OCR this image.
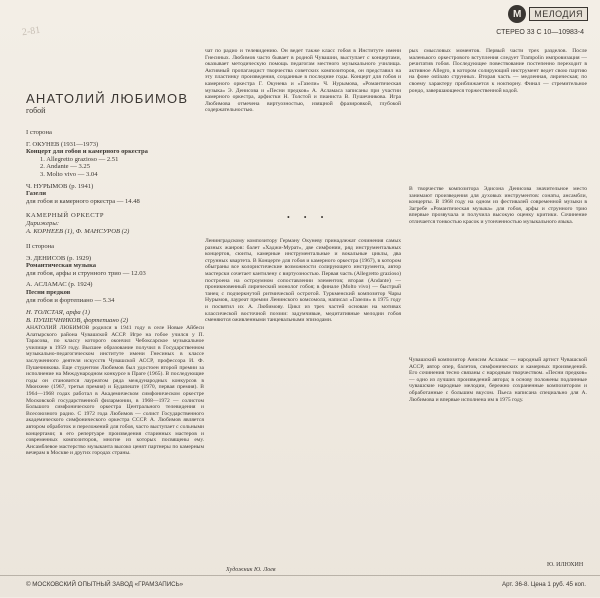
2-81
М	МЕЛОДИЯ
СТЕРЕО 33 С 10—10983-4
АНАТОЛИЙ ЛЮБИМОВ
гобой
I сторона
Г. ОКУНЕВ (1931—1973)
Концерт для гобоя и камерного оркестра
1. Allegretto grazioso — 2.51
2. Andante — 3.25
3. Molto vivo — 3.04
Ч. НУРЫМОВ (р. 1941)
Газели
для гобоя и камерного оркестра — 14.48
КАМЕРНЫЙ ОРКЕСТР
Дирижеры:
А. КОРНЕЕВ (1), Ф. МАНСУРОВ (2)
II сторона
Э. ДЕНИСОВ (р. 1929)
Романтическая музыка
для гобоя, арфы и струнного трио — 12.03
А. АСЛАМАС (р. 1924)
Песни предков
для гобоя и фортепиано — 5.34
Н. ТОЛСТАЯ, арфа (1)
В. ПУШЕЧНИКОВ, фортепиано (2)
АНАТОЛИЙ ЛЮБИМОВ родился в 1941 году в селе Новые Айбеси Алатырского района Чувашской АССР. Игре на гобое учился у П. Тарасова, по классу которого окончил Чебоксарское музыкальное училище в 1959 году. Высшее образование получил в Государственном музыкально-педагогическом институте имени Гнесиных в классе заслуженного деятеля искусств Чувашской АССР, профессора И. Ф. Пушечникова. Еще студентом Любимов был удостоен второй премии за исполнение на Международном конкурсе в Праге (1965). В последующие годы он становится лауреатом ряда международных конкурсов в Мюнхене (1967, третья премия) и Будапеште (1970, первая премия). В 1964—1968 годах работал в Академическом симфоническом оркестре Московской государственной филармонии, в 1968—1972 — солистом Большого симфонического оркестра Центрального телевидения и Всесоюзного радио. С 1972 года Любимов — солист Государственного академического симфонического оркестра СССР. А. Любимов является автором обработок и переложений для гобоя, часто выступает с сольными концертами; в его репертуаре произведения старинных мастеров и современных композиторов, многие из которых посвящены ему. Ансамблевое мастерство музыканта высоко ценят партнеры по камерным вечерам в Москве и других городах страны.
чат по радио и телевидению. Он ведет также класс гобоя в Институте имени Гнесиных. Любимов часто бывает в родной Чувашии, выступает с концертами, оказывает методическую помощь педагогам местного музыкального училища. Активный пропагандист творчества советских композиторов, он представил на эту пластинку произведения, созданные в последние годы. Концерт для гобоя и камерного оркестра Г. Окунева и «Газели» Ч. Нурымова, «Романтическая музыка» Э. Денисова и «Песни предков» А. Асламаса записаны при участии камерного оркестра, арфистки Н. Толстой и пианиста В. Пушечникова. Игра Любимова отмечена виртуозностью, изящной фразировкой, глубокой содержательностью.
• • •
Ленинградскому композитору Герману Окуневу принадлежат сочинения самых разных жанров: балет «Хаджи-Мурат», две симфонии, ряд инструментальных концертов, сюиты, камерные инструментальные и вокальные циклы, два струнных квартета. В Концерте для гобоя и камерного оркестра (1967), в котором обыграны все колористические возможности солирующего инструмента, автор мастерски сочетает кантилену с виртуозностью. Первая часть (Allegretto grazioso) построена на остроумном сопоставлении элементов; вторая (Andante) — проникновенный лирический монолог гобоя; в финале (Molto vivo) — быстрый танец с подчеркнутой ритмической остротой. Туркменский композитор Чары Нурымов, лауреат премии Ленинского комсомола, написал «Газели» в 1975 году и посвятил их А. Любимову. Цикл из трех частей основан на мотивах классической восточной поэзии: задумчивые, медитативные мелодии гобоя сменяются оживленными танцевальными эпизодами.
Художник Ю. Лоев
рых смысловых моментов. Первый части трех разделов. После маленького оркестрового вступления следует Trampolin импровизация — речитатив гобоя. Последующее повествование постепенно переходит в активное Allegro, в котором солирующий инструмент ведет свою партию на фоне ostinato струнных. Вторая часть — медленная, лирическая; по своему характеру приближается к ноктюрну. Финал — стремительное рондо, завершающееся торжественной кодой.
В творчестве композитора Эдисона Денисова значительное место занимают произведения для духовых инструментов: сонаты, ансамбли, концерты. В 1968 году на одном из фестивалей современной музыки в Загребе «Романтическая музыка» для гобоя, арфы и струнного трио впервые прозвучала и получила высокую оценку критики. Сочинение отличается тонкостью красок и утонченностью музыкального языка.
Чувашский композитор Анисим Асламас — народный артист Чувашской АССР, автор опер, балетов, симфонических и камерных произведений. Его сочинения тесно связаны с народным творчеством. «Песни предков» — одно из лучших произведений автора; в основу положены подлинные чувашские народные мелодии, бережно сохраненные композитором и обработанные с большим вкусом. Пьеса написана специально для А. Любимова и впервые исполнена им в 1975 году.
Ю. ИЛЮХИН
© МОСКОВСКИЙ ОПЫТНЫЙ ЗАВОД «ГРАМЗАПИСЬ»	Арт. 36-8. Цена 1 руб. 45 коп.
